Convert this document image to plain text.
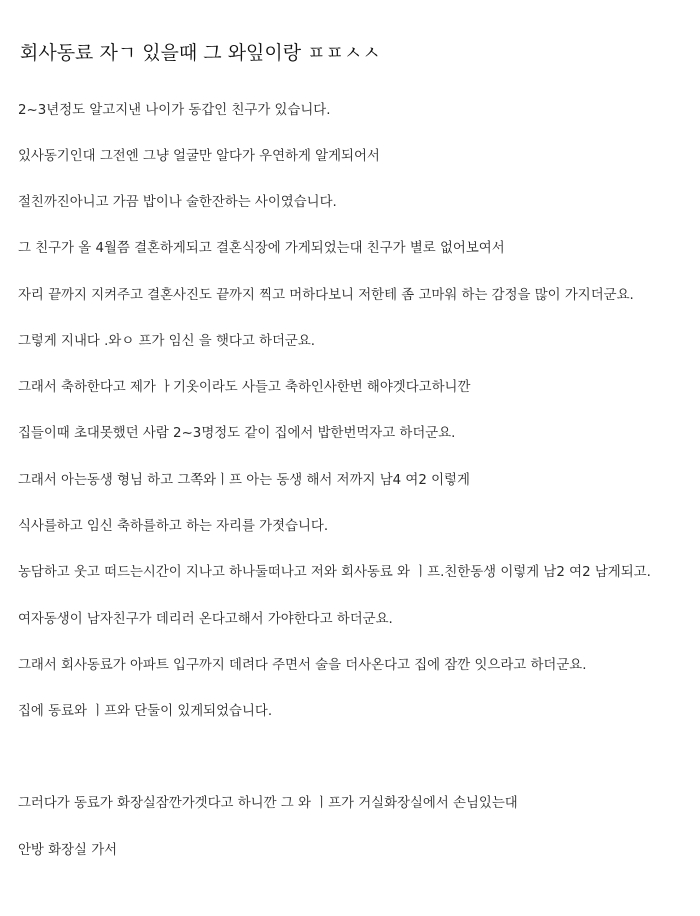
회사동료 자ㄱ 있을때 그 와잎이랑 ㅍㅍㅅㅅ
2~3년정도 알고지낸 나이가 동갑인 친구가 있습니다.
있사동기인대 그전엔 그냥 얼굴만 알다가 우연하게 알게되어서
절친까진아니고 가끔 밥이나 술한잔하는 사이였습니다.
그 친구가 올 4월쯤 결혼하게되고 결혼식장에 가게되었는대 친구가 별로 없어보여서
자리 끝까지 지켜주고 결혼사진도 끝까지 찍고 머하다보니 저한테 좀 고마워 하는 감정을 많이 가지더군요.
그렇게 지내다 .와ㅇ 프가 임신 을 햇다고 하더군요.
그래서 축하한다고 제가 ㅏ기옷이라도 사들고 축하인사한번 해야겟다고하니깐
집들이때 초대못했던 사람 2~3명정도 같이 집에서 밥한번먹자고 하더군요.
그래서 아는동생 형님 하고 그쪽와ㅣ프 아는 동생 해서 저까지 남4 여2 이렇게
식사를하고 임신 축하를하고 하는 자리를 가졋습니다.
농담하고 웃고 떠드는시간이 지나고 하나둘떠나고 저와 회사동료 와 ㅣ프.친한동생 이렇게 남2 여2 남게되고.
여자동생이 남자친구가 데리러 온다고해서 가야한다고 하더군요.
그래서 회사동료가 아파트 입구까지 데려다 주면서 술을 더사온다고 집에 잠깐 잇으라고 하더군요.
집에 동료와 ㅣ프와 단둘이 있게되었습니다.
그러다가 동료가 화장실잠깐가겟다고 하니깐 그 와 ㅣ프가 거실화장실에서 손님있는대
안방 화장실 가서
